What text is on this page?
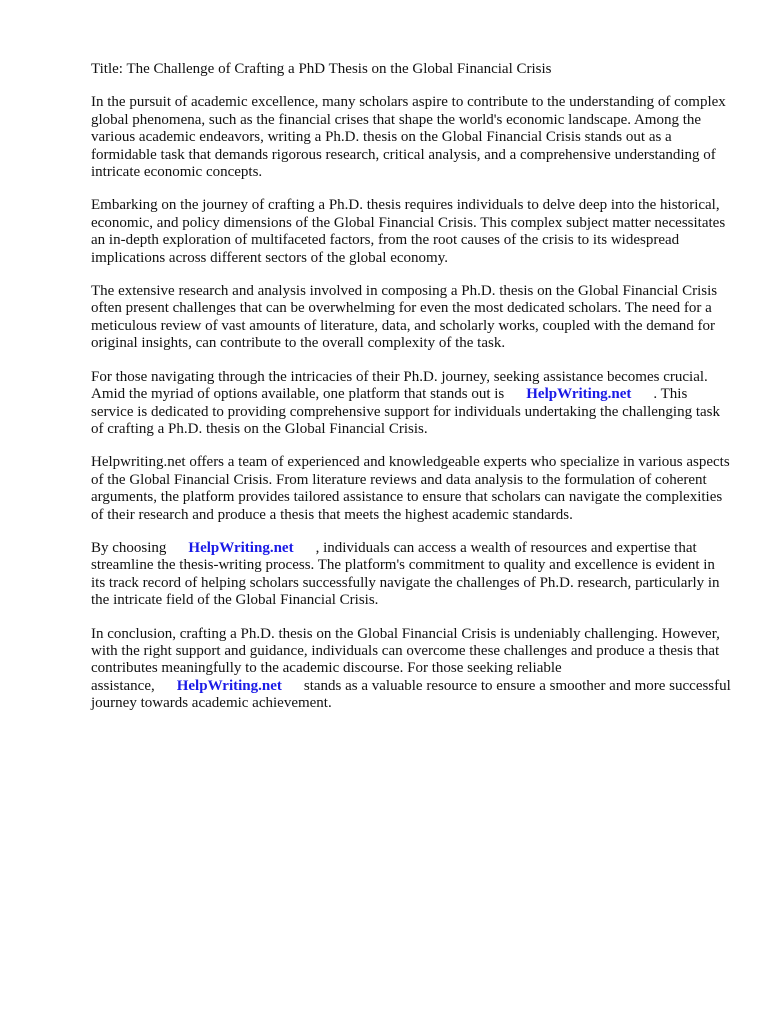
Title: The Challenge of Crafting a PhD Thesis on the Global Financial Crisis

In the pursuit of academic excellence, many scholars aspire to contribute to the understanding of complex global phenomena, such as the financial crises that shape the world's economic landscape. Among the various academic endeavors, writing a Ph.D. thesis on the Global Financial Crisis stands out as a formidable task that demands rigorous research, critical analysis, and a comprehensive understanding of intricate economic concepts.

Embarking on the journey of crafting a Ph.D. thesis requires individuals to delve deep into the historical, economic, and policy dimensions of the Global Financial Crisis. This complex subject matter necessitates an in-depth exploration of multifaceted factors, from the root causes of the crisis to its widespread implications across different sectors of the global economy.

The extensive research and analysis involved in composing a Ph.D. thesis on the Global Financial Crisis often present challenges that can be overwhelming for even the most dedicated scholars. The need for a meticulous review of vast amounts of literature, data, and scholarly works, coupled with the demand for original insights, can contribute to the overall complexity of the task.

For those navigating through the intricacies of their Ph.D. journey, seeking assistance becomes crucial. Amid the myriad of options available, one platform that stands out is HelpWriting.net . This service is dedicated to providing comprehensive support for individuals undertaking the challenging task of crafting a Ph.D. thesis on the Global Financial Crisis.

Helpwriting.net offers a team of experienced and knowledgeable experts who specialize in various aspects of the Global Financial Crisis. From literature reviews and data analysis to the formulation of coherent arguments, the platform provides tailored assistance to ensure that scholars can navigate the complexities of their research and produce a thesis that meets the highest academic standards.

By choosing HelpWriting.net , individuals can access a wealth of resources and expertise that streamline the thesis-writing process. The platform's commitment to quality and excellence is evident in its track record of helping scholars successfully navigate the challenges of Ph.D. research, particularly in the intricate field of the Global Financial Crisis.

In conclusion, crafting a Ph.D. thesis on the Global Financial Crisis is undeniably challenging. However, with the right support and guidance, individuals can overcome these challenges and produce a thesis that contributes meaningfully to the academic discourse. For those seeking reliable assistance, HelpWriting.net stands as a valuable resource to ensure a smoother and more successful journey towards academic achievement.
